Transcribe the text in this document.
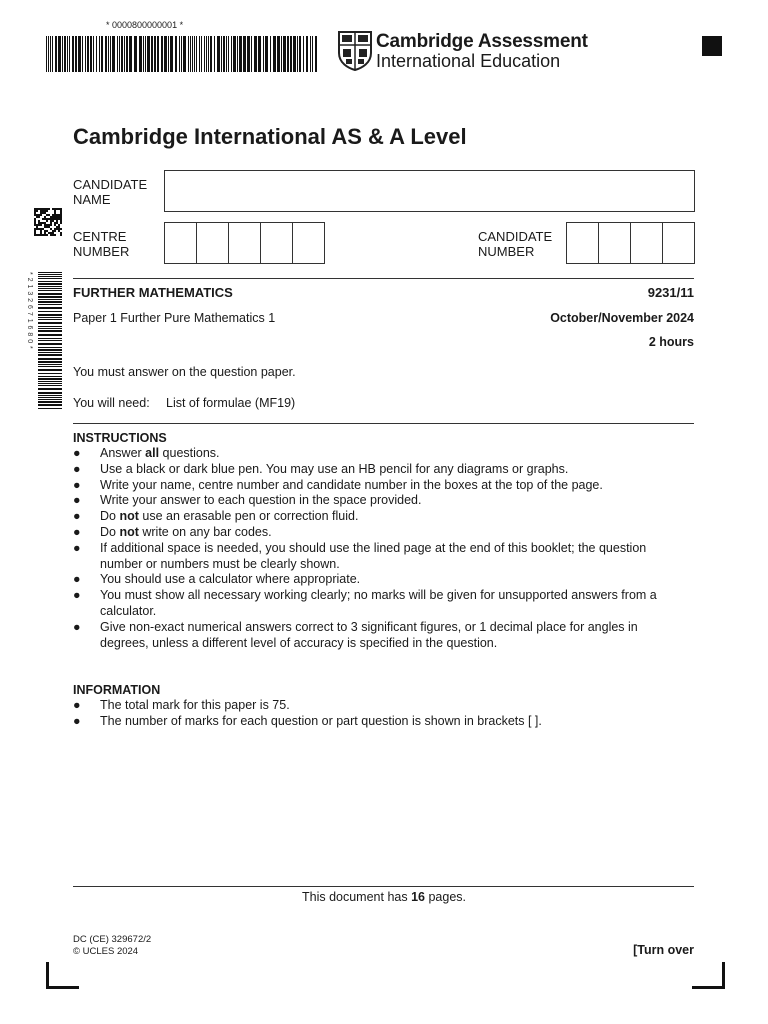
* 0000800000001 *
Cambridge Assessment
International Education
Cambridge International AS & A Level
CANDIDATE
NAME
CENTRE
NUMBER
CANDIDATE
NUMBER
FURTHER MATHEMATICS	9231/11
Paper 1 Further Pure Mathematics 1	October/November 2024
2 hours
You must answer on the question paper.
You will need: List of formulae (MF19)
INSTRUCTIONS
● Answer all questions.
● Use a black or dark blue pen. You may use an HB pencil for any diagrams or graphs.
● Write your name, centre number and candidate number in the boxes at the top of the page.
● Write your answer to each question in the space provided.
● Do not use an erasable pen or correction fluid.
● Do not write on any bar codes.
● If additional space is needed, you should use the lined page at the end of this booklet; the question number or numbers must be clearly shown.
● You should use a calculator where appropriate.
● You must show all necessary working clearly; no marks will be given for unsupported answers from a calculator.
● Give non-exact numerical answers correct to 3 significant figures, or 1 decimal place for angles in degrees, unless a different level of accuracy is specified in the question.
INFORMATION
● The total mark for this paper is 75.
● The number of marks for each question or part question is shown in brackets [ ].
This document has 16 pages.
DC (CE) 329672/2
© UCLES 2024	[Turn over
* 2 1 3 2 6 7 1 6 8 0 *
